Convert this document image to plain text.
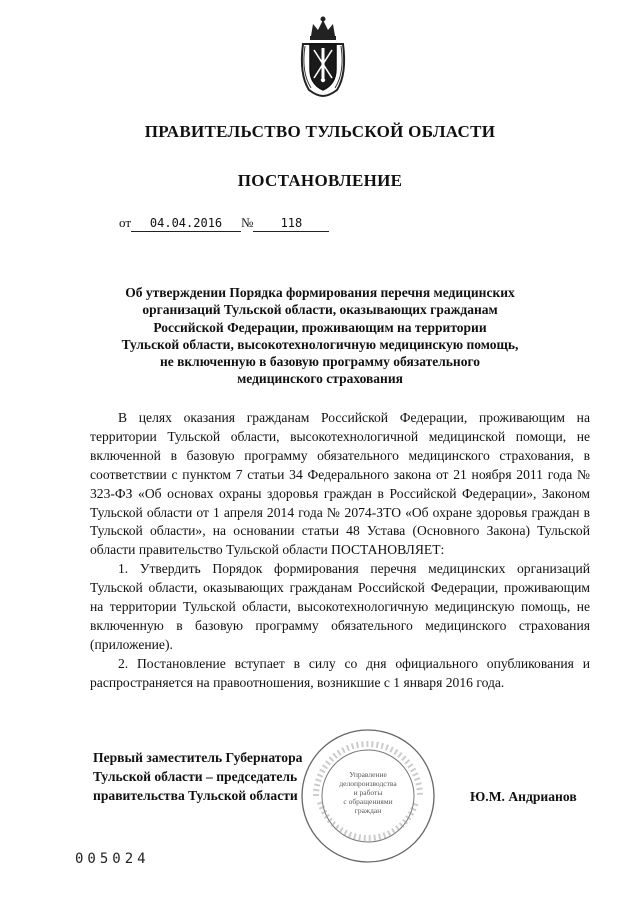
ПРАВИТЕЛЬСТВО ТУЛЬСКОЙ ОБЛАСТИ
ПОСТАНОВЛЕНИЕ
от 04.04.2016 № 118
Об утверждении Порядка формирования перечня медицинских
организаций Тульской области, оказывающих гражданам
Российской Федерации, проживающим на территории
Тульской области, высокотехнологичную медицинскую помощь,
не включенную в базовую программу обязательного
медицинского страхования

В целях оказания гражданам Российской Федерации, проживающим на территории Тульской области, высокотехнологичной медицинской помощи, не включенной в базовую программу обязательного медицинского страхования, в соответствии с пунктом 7 статьи 34 Федерального закона от 21 ноября 2011 года № 323-ФЗ «Об основах охраны здоровья граждан в Российской Федерации», Законом Тульской области от 1 апреля 2014 года № 2074-ЗТО «Об охране здоровья граждан в Тульской области», на основании статьи 48 Устава (Основного Закона) Тульской области правительство Тульской области ПОСТАНОВЛЯЕТ:

1. Утвердить Порядок формирования перечня медицинских организаций Тульской области, оказывающих гражданам Российской Федерации, проживающим на территории Тульской области, высокотехнологичную медицинскую помощь, не включенную в базовую программу обязательного медицинского страхования (приложение).

2. Постановление вступает в силу со дня официального опубликования и распространяется на правоотношения, возникшие с 1 января 2016 года.

Управление
делопроизводства
и работы
с обращениями
граждан
Первый заместитель Губернатора
Тульской области – председатель
правительства Тульской области	Ю.М. Андрианов
005024
